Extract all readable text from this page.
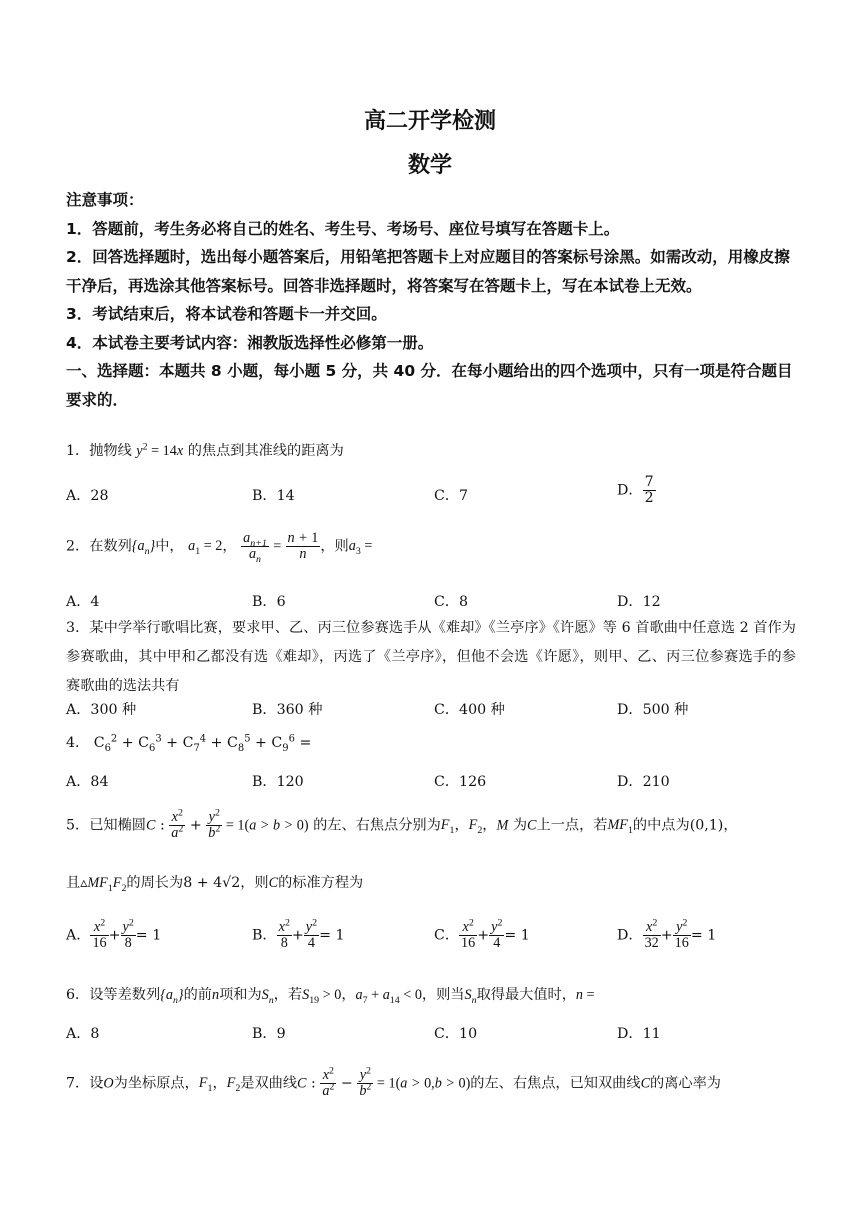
高二开学检测
数学
注意事项：
1．答题前，考生务必将自己的姓名、考生号、考场号、座位号填写在答题卡上。
2．回答选择题时，选出每小题答案后，用铅笔把答题卡上对应题目的答案标号涂黑。如需改动，用橡皮擦干净后，再选涂其他答案标号。回答非选择题时，将答案写在答题卡上，写在本试卷上无效。
3．考试结束后，将本试卷和答题卡一并交回。
4．本试卷主要考试内容：湘教版选择性必修第一册。
一、选择题：本题共 8 小题，每小题 5 分，共 40 分．在每小题给出的四个选项中，只有一项是符合题目要求的．
1．抛物线 $y^2 = 14x$ 的焦点到其准线的距离为
A．28	B．14	C．7	D． $\frac{7}{2}$
2．在数列$\{a_n\}$中， $a_1 = 2$， $\frac{a_{n+1}}{a_n} = \frac{n + 1}{n}$ ，则$a_3$ =
A．4	B．6	C．8	D．12
3．某中学举行歌唱比赛，要求甲、乙、丙三位参赛选手从《难却》《兰亭序》《许愿》等 6 首歌曲中任意选 2 首作为参赛歌曲，其中甲和乙都没有选《难却》，丙选了《兰亭序》，但他不会选《许愿》，则甲、乙、丙三位参赛选手的参赛歌曲的选法共有
A．300 种	B．360 种	C．400 种	D．500 种
4． $C_6^2 + C_6^3 + C_7^4 + C_8^5 + C_9^6$ =
A．84	B．120	C．126	D．210
5．已知椭圆C : $\frac{x^2}{a^2} + \frac{y^2}{b^2} = 1(a > b > 0)$ 的左、右焦点分别为$F_1$，$F_2$，M 为C上一点，若$MF_1$的中点为(0,1)，
且$▵MF_1F_2$的周长为8 + 4√2，则C的标准方程为
A． $\frac{x^2}{16} + \frac{y^2}{8} = 1$	B． $\frac{x^2}{8} + \frac{y^2}{4} = 1$	C． $\frac{x^2}{16} + \frac{y^2}{4} = 1$	D． $\frac{x^2}{32} + \frac{y^2}{16} = 1$
6．设等差数列$\{a_n\}$的前n项和为$S_n$，若$S_{19} > 0$，$a_7 + a_{14} < 0$，则当$S_n$取得最大值时，n =
A．8	B．9	C．10	D．11
7．设O为坐标原点，$F_1$，$F_2$是双曲线C : $\frac{x^2}{a^2} - \frac{y^2}{b^2} = 1(a > 0,b > 0)$的左、右焦点，已知双曲线C的离心率为
